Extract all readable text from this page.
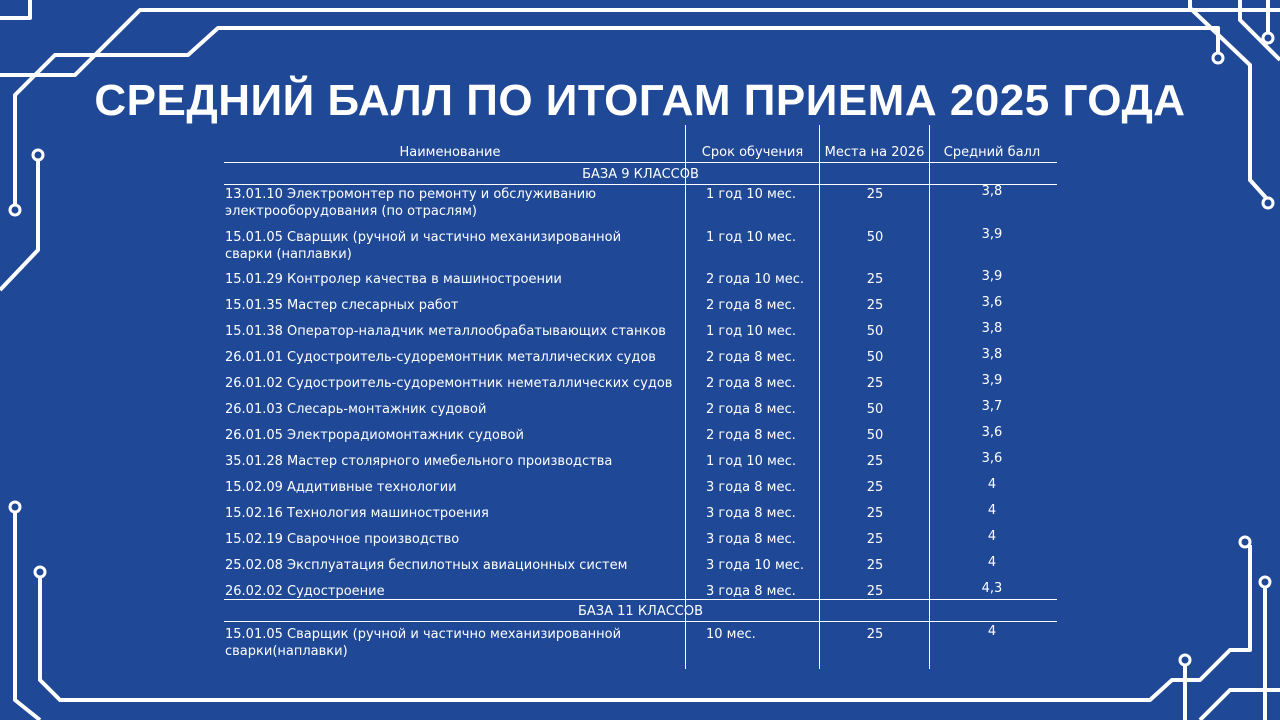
СРЕДНИЙ БАЛЛ ПО ИТОГАМ ПРИЕМА 2025 ГОДА
Наименование	Срок обучения	Места на 2026	Средний балл
БАЗА 9 КЛАССОВ
13.01.10 Электромонтер по ремонту и обслуживанию
электрооборудования (по отраслям)
1 год 10 мес.	25	3,8
15.01.05 Сварщик (ручной и частично механизированной
сварки (наплавки)
1 год 10 мес.	50	3,9
15.01.29 Контролер качества в машиностроении	2 года 10 мес.	25	3,9
15.01.35 Мастер слесарных работ	2 года 8 мес.	25	3,6
15.01.38 Оператор-наладчик металлообрабатывающих станков	1 год 10 мес.	50	3,8
26.01.01 Судостроитель-судоремонтник металлических судов	2 года 8 мес.	50	3,8
26.01.02 Судостроитель-судоремонтник неметаллических судов	2 года 8 мес.	25	3,9
26.01.03 Слесарь-монтажник судовой	2 года 8 мес.	50	3,7
26.01.05 Электрорадиомонтажник судовой	2 года 8 мес.	50	3,6
35.01.28 Мастер столярного имебельного производства	1 год 10 мес.	25	3,6
15.02.09 Аддитивные технологии	3 года 8 мес.	25	4
15.02.16 Технология машиностроения	3 года 8 мес.	25	4
15.02.19 Сварочное производство	3 года 8 мес.	25	4
25.02.08 Эксплуатация беспилотных авиационных систем	3 года 10 мес.	25	4
26.02.02 Судостроение	3 года 8 мес.	25	4,3
БАЗА 11 КЛАССОВ
15.01.05 Сварщик (ручной и частично механизированной
сварки(наплавки)
10 мес.	25	4
